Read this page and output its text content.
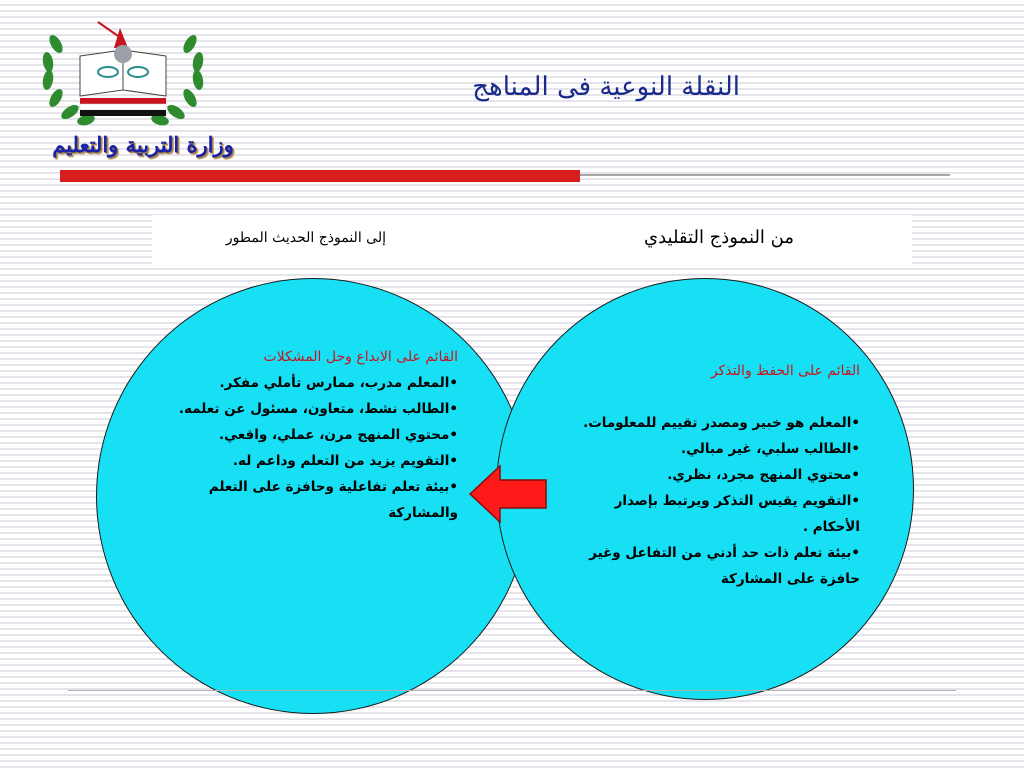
وزارة التربية والتعليم
النقلة النوعية فى المناهج
إلى النموذج الحديث المطور	من النموذج التقليدي
القائم على الابداع وحل المشكلات
•المعلم مدرب، ممارس تأملي مفكر.
•الطالب نشط، متعاون، مسئول عن تعلمه.
•محتوي المنهج مرن، عملي، واقعي.
•التقويم يزيد من التعلم وداعم له.
•بيئة تعلم تفاعلية وحافزة على التعلم والمشاركة
القائم على الحفظ والتذكر
•المعلم هو خبير ومصدر تقييم للمعلومات.
•الطالب سلبي، غير مبالي.
•محتوي المنهج مجرد، نظري.
•التقويم يقيس التذكر ويرتبط بإصدار الأحكام .
•بيئة تعلم ذات حد أدني من التفاعل وغير حافزة على المشاركة
